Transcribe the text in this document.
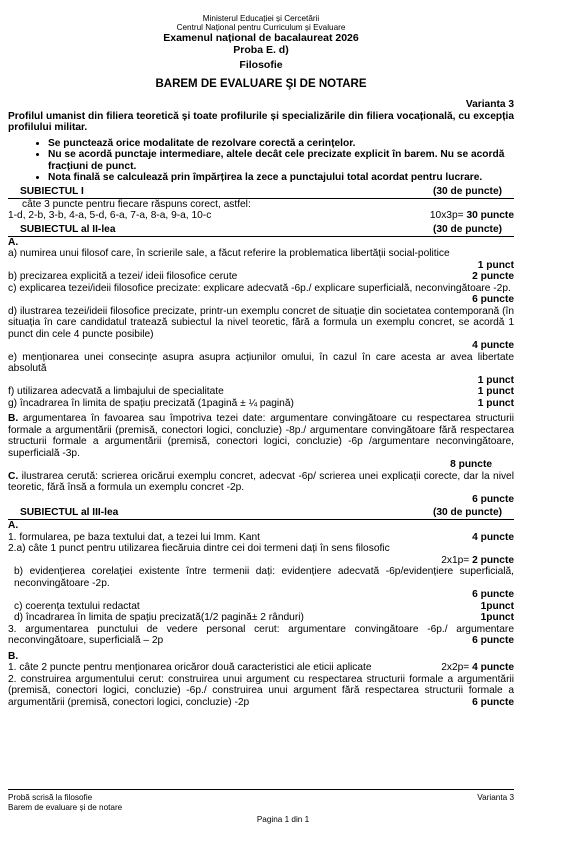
Ministerul Educației și Cercetării
Centrul Național pentru Curriculum și Evaluare
Examenul național de bacalaureat 2026
Proba E. d)
Filosofie
BAREM DE EVALUARE ŞI DE NOTARE
Varianta 3
Profilul umanist din filiera teoretică și toate profilurile și specializările din filiera vocațională, cu excepția profilului militar.
• Se punctează orice modalitate de rezolvare corectă a cerințelor.
• Nu se acordă punctaje intermediare, altele decât cele precizate explicit în barem. Nu se acordă fracțiuni de punct.
• Nota finală se calculează prin împărțirea la zece a punctajului total acordat pentru lucrare.
SUBIECTUL I	(30 de puncte)
câte 3 puncte pentru fiecare răspuns corect, astfel:
1-d, 2-b, 3-b, 4-a, 5-d, 6-a, 7-a, 8-a, 9-a, 10-c	10x3p= 30 puncte
SUBIECTUL al II-lea	(30 de puncte)
A.
a) numirea unui filosof care, în scrierile sale, a făcut referire la problematica libertății social-politice
1 punct
b) precizarea explicită a tezei/ ideii filosofice cerute	2 puncte
c) explicarea tezei/ideii filosofice precizate: explicare adecvată -6p./ explicare superficială, neconvingătoare -2p.
6 puncte
d) ilustrarea tezei/ideii filosofice precizate, printr-un exemplu concret de situație din societatea contemporană (în situația în care candidatul tratează subiectul la nivel teoretic, fără a formula un exemplu concret, se acordă 1 punct din cele 4 puncte posibile)
4 puncte
e) menționarea unei consecințe asupra asupra acțiunilor omului, în cazul în care acesta ar avea libertate absolută
1 punct
f) utilizarea adecvată a limbajului de specialitate	1 punct
g) încadrarea în limita de spațiu precizată (1pagină ± ¼ pagină)	1 punct
B. argumentarea în favoarea sau împotriva tezei date: argumentare convingătoare cu respectarea structurii formale a argumentării (premisă, conectori logici, concluzie) -8p./ argumentare convingătoare fără respectarea structurii formale a argumentării (premisă, conectori logici, concluzie) -6p /argumentare neconvingătoare, superficială -3p.
8 puncte
C. ilustrarea cerută: scrierea oricărui exemplu concret, adecvat -6p/ scrierea unei explicații corecte, dar la nivel teoretic, fără însă a formula un exemplu concret -2p.
6 puncte
SUBIECTUL al III-lea	(30 de puncte)
A.
1. formularea, pe baza textului dat, a tezei lui Imm. Kant	4 puncte
2.a) câte 1 punct pentru utilizarea fiecăruia dintre cei doi termeni dați în sens filosofic
2x1p= 2 puncte
b) evidențierea corelației existente între termenii dați: evidențiere adecvată -6p/evidențiere superficială, neconvingătoare -2p.
6 puncte
c) coerența textului redactat	1punct
d) încadrarea în limita de spațiu precizată(1/2 pagină± 2 rânduri)	1punct
3. argumentarea punctului de vedere personal cerut: argumentare convingătoare -6p./ argumentare neconvingătoare, superficială – 2p	6 puncte
B.
1. câte 2 puncte pentru menționarea oricăror două caracteristici ale eticii aplicate	2x2p= 4 puncte
2. construirea argumentului cerut: construirea unui argument cu respectarea structurii formale a argumentării (premisă, conectori logici, concluzie) -6p./ construirea unui argument fără respectarea structurii formale a argumentării (premisă, conectori logici, concluzie) -2p	6 puncte
Probă scrisă la filosofie
Barem de evaluare și de notare
Varianta 3
Pagina 1 din 1
